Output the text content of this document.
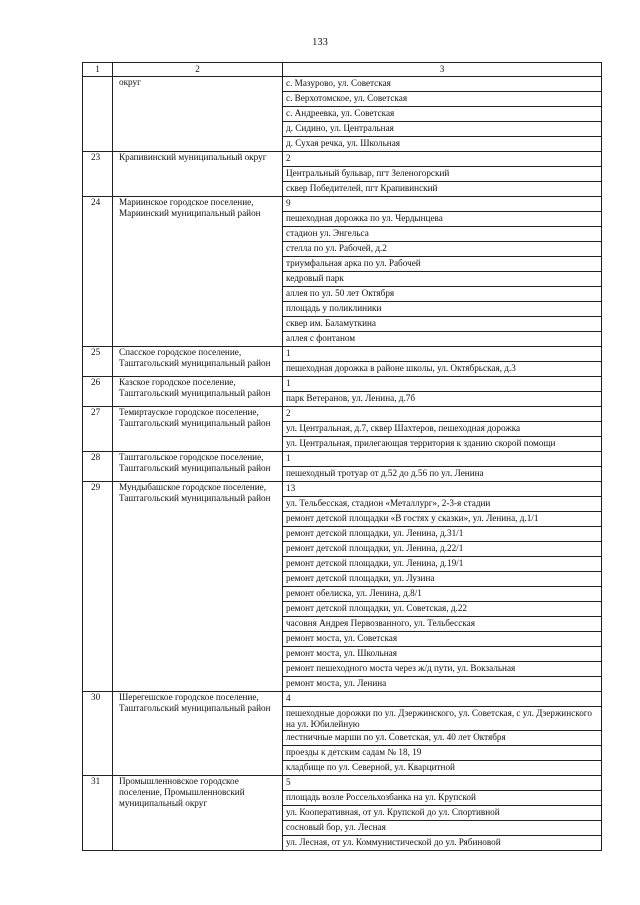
133
1	2	3
	округ	с. Мазурово, ул. Советская
		с. Верхотомское, ул. Советская
		с. Андреевка, ул. Советская
		д. Сидино, ул. Центральная
		д. Сухая речка, ул. Школьная
23	Крапивинский муниципальный округ	2
		Центральный бульвар, пгт Зеленогорский
		сквер Победителей, пгт Крапивинский
24	Мариинское городское поселение, Мариинский муниципальный район	9
		пешеходная дорожка по ул. Чердынцева
		стадион ул. Энгельса
		стелла по ул. Рабочей, д.2
		триумфальная арка по ул. Рабочей
		кедровый парк
		аллея по ул. 50 лет Октября
		площадь у поликлиники
		сквер им. Баламуткина
		аллея с фонтаном
25	Спасское городское поселение, Таштагольский муниципальный район	1
		пешеходная дорожка в районе школы, ул. Октябрьская, д.3
26	Казское городское поселение, Таштагольский муниципальный район	1
		парк Ветеранов, ул. Ленина, д.7б
27	Темиртауское городское поселение, Таштагольский муниципальный район	2
		ул. Центральная, д.7, сквер Шахтеров, пешеходная дорожка
		ул. Центральная, прилегающая территория к зданию скорой помощи
28	Таштагольское городское поселение, Таштагольский муниципальный район	1
		пешеходный тротуар от д.52 до д.56 по ул. Ленина
29	Мундыбашское городское поселение, Таштагольский муниципальный район	13
		ул. Тельбесская, стадион «Металлург», 2-3-я стадии
		ремонт детской площадки «В гостях у сказки», ул. Ленина, д.1/1
		ремонт детской площадки, ул. Ленина, д.31/1
		ремонт детской площадки, ул. Ленина, д.22/1
		ремонт детской площадки, ул. Ленина, д.19/1
		ремонт детской площадки, ул. Лузина
		ремонт обелиска, ул. Ленина, д.8/1
		ремонт детской площадки, ул. Советская, д.22
		часовня Андрея Первозванного, ул. Тельбесская
		ремонт моста, ул. Советская
		ремонт моста, ул. Школьная
		ремонт пешеходного моста через ж/д пути, ул. Вокзальная
		ремонт моста, ул. Ленина
30	Шерегешское городское поселение, Таштагольский муниципальный район	4
		пешеходные дорожки по ул. Дзержинского, ул. Советская, с ул. Дзержинского на ул. Юбилейную
		лестничные марши по ул. Советская, ул. 40 лет Октября
		проезды к детским садам № 18, 19
		кладбище по ул. Северной, ул. Кварцитной
31	Промышленновское городское поселение, Промышленновский муниципальный округ	5
		площадь возле Россельхозбанка на ул. Крупской
		ул. Кооперативная, от ул. Крупской до ул. Спортивной
		сосновый бор, ул. Лесная
		ул. Лесная, от ул. Коммунистической до ул. Рябиновой
